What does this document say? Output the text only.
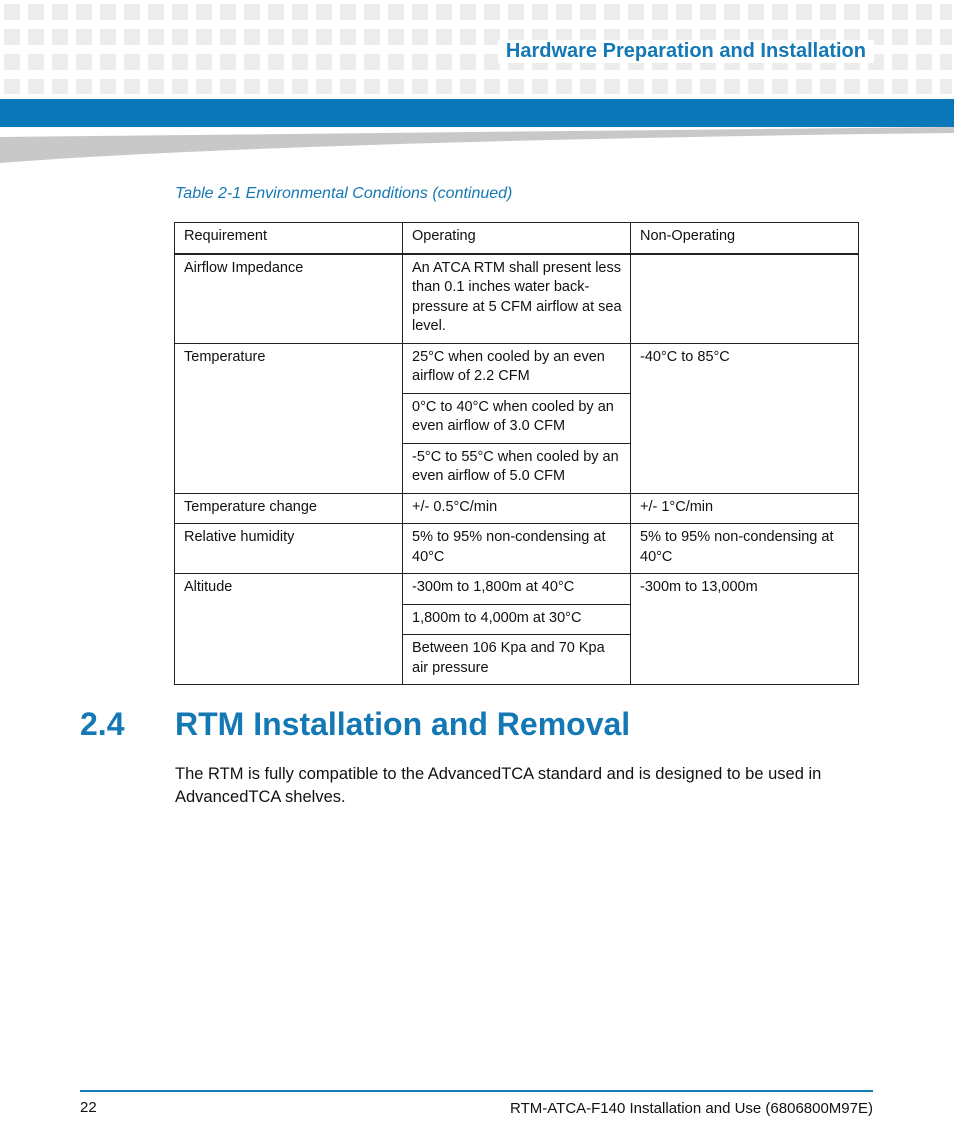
Hardware Preparation and Installation
Table 2-1 Environmental Conditions (continued)
Requirement	Operating	Non-Operating
Airflow Impedance	An ATCA RTM shall present less than 0.1 inches water back-pressure at 5 CFM airflow at sea level.	
Temperature	25°C when cooled by an even airflow of 2.2 CFM	-40°C to 85°C
	0°C to 40°C when cooled by an even airflow of 3.0 CFM	
	-5°C to 55°C when cooled by an even airflow of 5.0 CFM	
Temperature change	+/- 0.5°C/min	+/- 1°C/min
Relative humidity	5% to 95% non-condensing at 40°C	5% to 95% non-condensing at 40°C
Altitude	-300m to 1,800m at 40°C	-300m to 13,000m
	1,800m to 4,000m at 30°C	
	Between 106 Kpa and 70 Kpa air pressure	
2.4 RTM Installation and Removal
The RTM is fully compatible to the AdvancedTCA standard and is designed to be used in AdvancedTCA shelves.
22	RTM-ATCA-F140 Installation and Use (6806800M97E)
